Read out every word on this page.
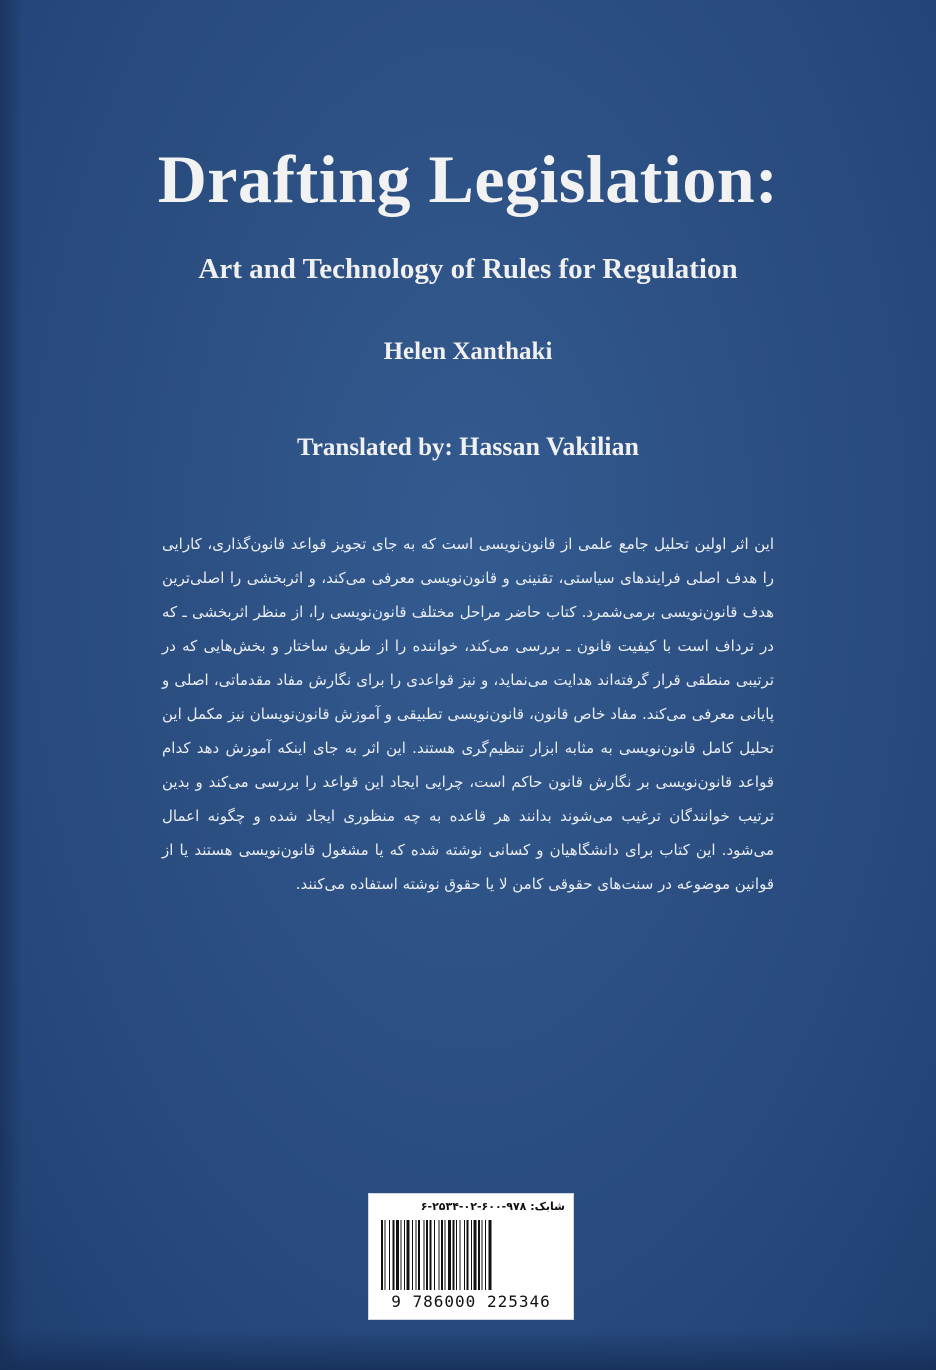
Drafting Legislation:
Art and Technology of Rules for Regulation
Helen Xanthaki
Translated by: Hassan Vakilian
این اثر اولین تحلیل جامع علمی از قانون‌نویسی است که به جای تجویز قواعد قانون‌گذاری، کارایی را هدف اصلی فرایندهای سیاستی، تقنینی و قانون‌نویسی معرفی می‌کند، و اثربخشی را اصلی‌ترین هدف قانون‌نویسی برمی‌شمرد. کتاب حاضر مراحل مختلف قانون‌نویسی را، از منظر اثربخشی ـ که در ترداف است با کیفیت قانون ـ بررسی می‌کند، خواننده را از طریق ساختار و بخش‌هایی که در ترتیبی منطقی قرار گرفته‌اند هدایت می‌نماید، و نیز قواعدی را برای نگارش مفاد مقدماتی، اصلی و پایانی معرفی می‌کند. مفاد خاص قانون، قانون‌نویسی تطبیقی و آموزش قانون‌نویسان نیز مکمل این تحلیل کامل قانون‌نویسی به مثابه ابزار تنظیم‌گری هستند. این اثر به جای اینکه آموزش دهد کدام قواعد قانون‌نویسی بر نگارش قانون حاکم است، چرایی ایجاد این قواعد را بررسی می‌کند و بدین ترتیب خوانندگان ترغیب می‌شوند بدانند هر قاعده به چه منظوری ایجاد شده و چگونه اعمال می‌شود. این کتاب برای دانشگاهیان و کسانی نوشته شده که یا مشغول قانون‌نویسی هستند یا از قوانین موضوعه در سنت‌های حقوقی کامن لا یا حقوق نوشته استفاده می‌کنند.
شابک: ۹۷۸-۶۰۰-۰۲-۲۵۳۴-۶
9 786000 225346
